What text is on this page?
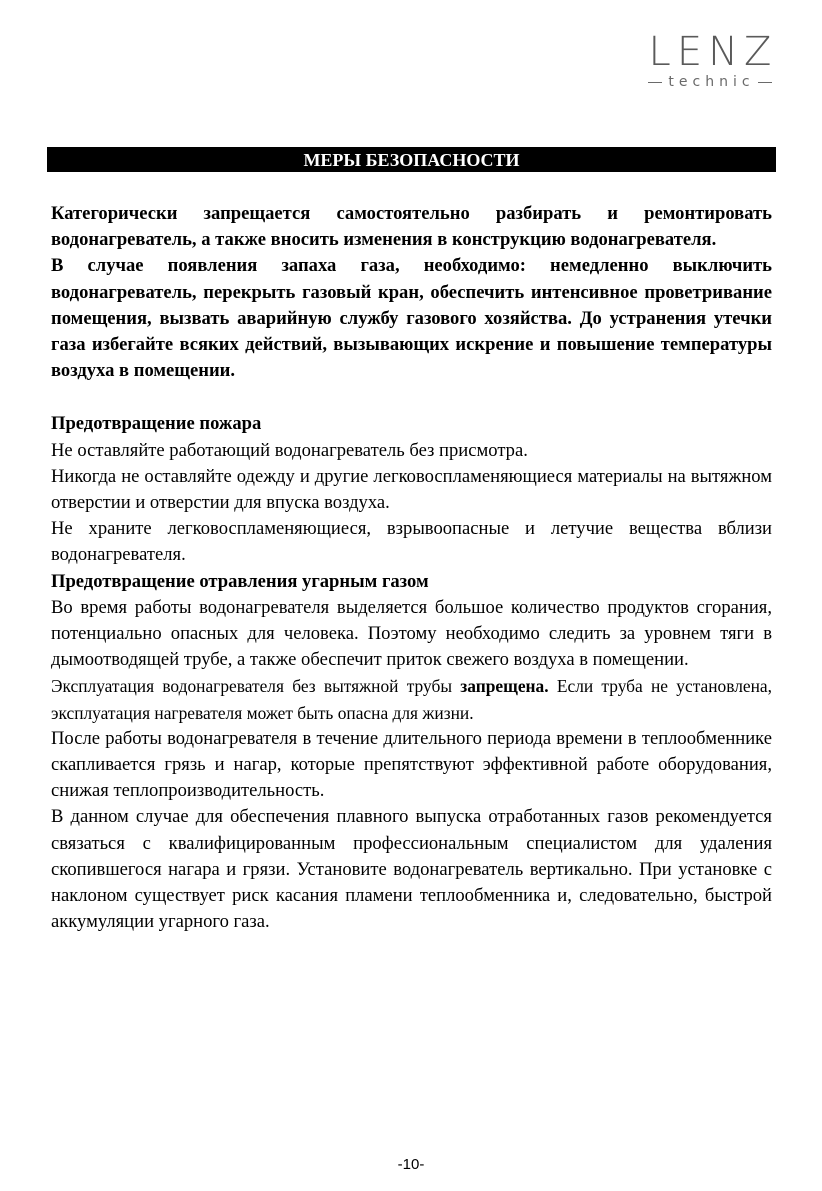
LENZ
technic
МЕРЫ БЕЗОПАСНОСТИ

Категорически запрещается самостоятельно разбирать и ремонтировать водонагреватель, а также вносить изменения в конструкцию водонагревателя.

В случае появления запаха газа, необходимо: немедленно выключить водонагреватель, перекрыть газовый кран, обеспечить интенсивное проветривание помещения, вызвать аварийную службу газового хозяйства. До устранения утечки газа избегайте всяких действий, вызывающих искрение и повышение температуры воздуха в помещении.

Предотвращение пожара

Не оставляйте работающий водонагреватель без присмотра.

Никогда не оставляйте одежду и другие легковоспламеняющиеся материалы на вытяжном отверстии и отверстии для впуска воздуха.

Не храните легковоспламеняющиеся, взрывоопасные и летучие вещества вблизи водонагревателя.

Предотвращение отравления угарным газом

Во время работы водонагревателя выделяется большое количество продуктов сгорания, потенциально опасных для человека. Поэтому необходимо следить за уровнем тяги в дымоотводящей трубе, а также обеспечит приток свежего воздуха в помещении.

Эксплуатация водонагревателя без вытяжной трубы запрещена. Если труба не установлена, эксплуатация нагревателя может быть опасна для жизни.

После работы водонагревателя в течение длительного периода времени в теплообменнике скапливается грязь и нагар, которые препятствуют эффективной работе оборудования, снижая теплопроизводительность.

В данном случае для обеспечения плавного выпуска отработанных газов рекомендуется связаться с квалифицированным профессиональным специалистом для удаления скопившегося нагара и грязи. Установите водонагреватель вертикально. При установке с наклоном существует риск касания пламени теплообменника и, следовательно, быстрой аккумуляции угарного газа.

-10-
